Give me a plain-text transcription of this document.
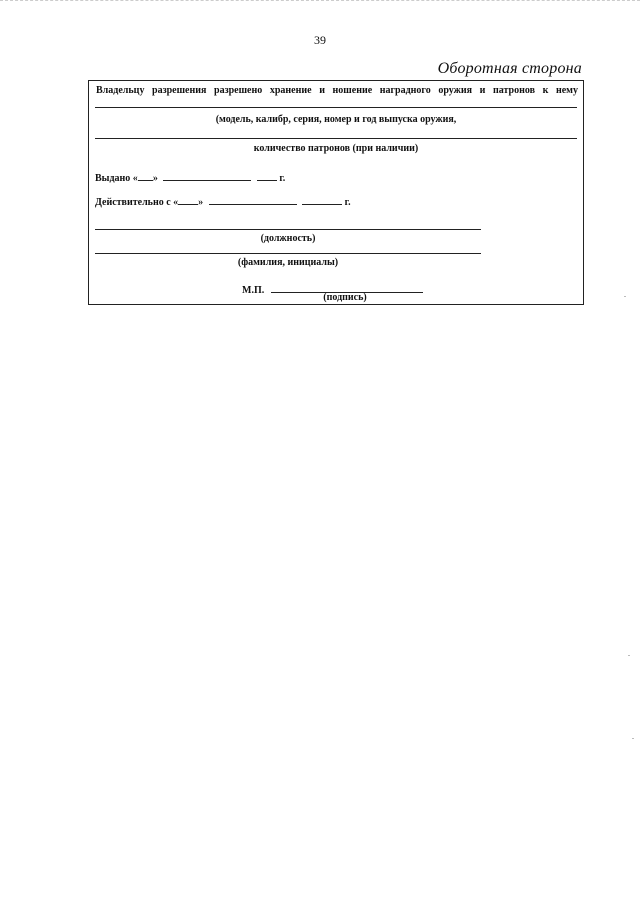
39
Оборотная сторона
Владельцу разрешения разрешено хранение и ношение наградного оружия и патронов к нему
(модель, калибр, серия, номер и год выпуска оружия,
количество патронов (при наличии)
Выдано « »	г.
Действительно с « »	г.
(должность)
(фамилия, инициалы)
М.П.
(подпись)
